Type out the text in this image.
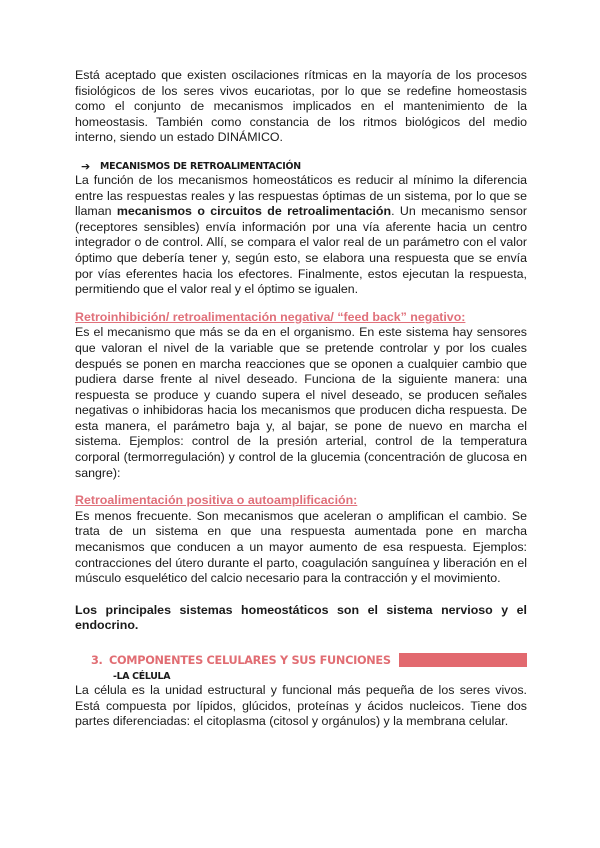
Está aceptado que existen oscilaciones rítmicas en la mayoría de los procesos fisiológicos de los seres vivos eucariotas, por lo que se redefine homeostasis como el conjunto de mecanismos implicados en el mantenimiento de la homeostasis. También como constancia de los ritmos biológicos del medio interno, siendo un estado DINÁMICO.

➔ MECANISMOS DE RETROALIMENTACIÓN

La función de los mecanismos homeostáticos es reducir al mínimo la diferencia entre las respuestas reales y las respuestas óptimas de un sistema, por lo que se llaman mecanismos o circuitos de retroalimentación. Un mecanismo sensor (receptores sensibles) envía información por una vía aferente hacia un centro integrador o de control. Allí, se compara el valor real de un parámetro con el valor óptimo que debería tener y, según esto, se elabora una respuesta que se envía por vías eferentes hacia los efectores. Finalmente, estos ejecutan la respuesta, permitiendo que el valor real y el óptimo se igualen.

Retroinhibición/ retroalimentación negativa/ “feed back” negativo:

Es el mecanismo que más se da en el organismo. En este sistema hay sensores que valoran el nivel de la variable que se pretende controlar y por los cuales después se ponen en marcha reacciones que se oponen a cualquier cambio que pudiera darse frente al nivel deseado. Funciona de la siguiente manera: una respuesta se produce y cuando supera el nivel deseado, se producen señales negativas o inhibidoras hacia los mecanismos que producen dicha respuesta. De esta manera, el parámetro baja y, al bajar, se pone de nuevo en marcha el sistema. Ejemplos: control de la presión arterial, control de la temperatura corporal (termorregulación) y control de la glucemia (concentración de glucosa en sangre):

Retroalimentación positiva o autoamplificación:

Es menos frecuente. Son mecanismos que aceleran o amplifican el cambio. Se trata de un sistema en que una respuesta aumentada pone en marcha mecanismos que conducen a un mayor aumento de esa respuesta. Ejemplos: contracciones del útero durante el parto, coagulación sanguínea y liberación en el músculo esquelético del calcio necesario para la contracción y el movimiento.

Los principales sistemas homeostáticos son el sistema nervioso y el endocrino.

3. COMPONENTES CELULARES Y SUS FUNCIONES
-LA CÉLULA

La célula es la unidad estructural y funcional más pequeña de los seres vivos. Está compuesta por lípidos, glúcidos, proteínas y ácidos nucleicos. Tiene dos partes diferenciadas: el citoplasma (citosol y orgánulos) y la membrana celular.
